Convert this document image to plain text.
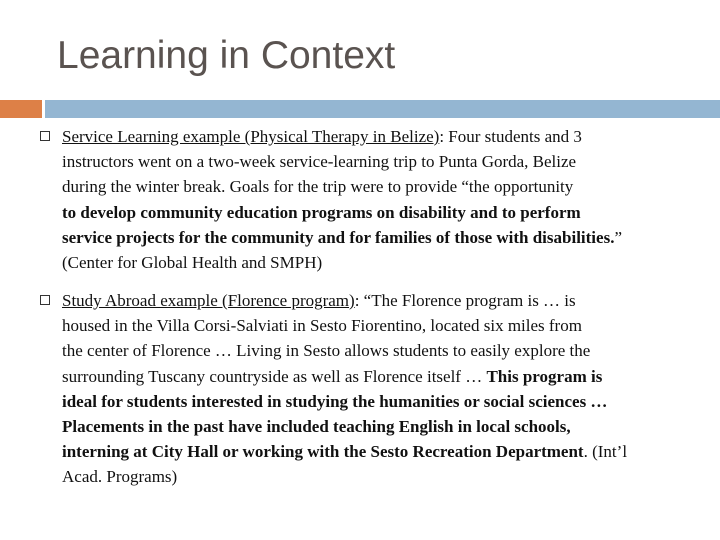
Learning in Context
Service Learning example (Physical Therapy in Belize): Four students and 3
instructors went on a two-week service-learning trip to Punta Gorda, Belize
during the winter break. Goals for the trip were to provide “the opportunity
to develop community education programs on disability and to perform
service projects for the community and for families of those with disabilities.”
(Center for Global Health and SMPH)
Study Abroad example (Florence program): “The Florence program is … is
housed in the Villa Corsi-Salviati in Sesto Fiorentino, located six miles from
the center of Florence … Living in Sesto allows students to easily explore the
surrounding Tuscany countryside as well as Florence itself … This program is
ideal for students interested in studying the humanities or social sciences …
Placements in the past have included teaching English in local schools,
interning at City Hall or working with the Sesto Recreation Department. (Int’l
Acad. Programs)
